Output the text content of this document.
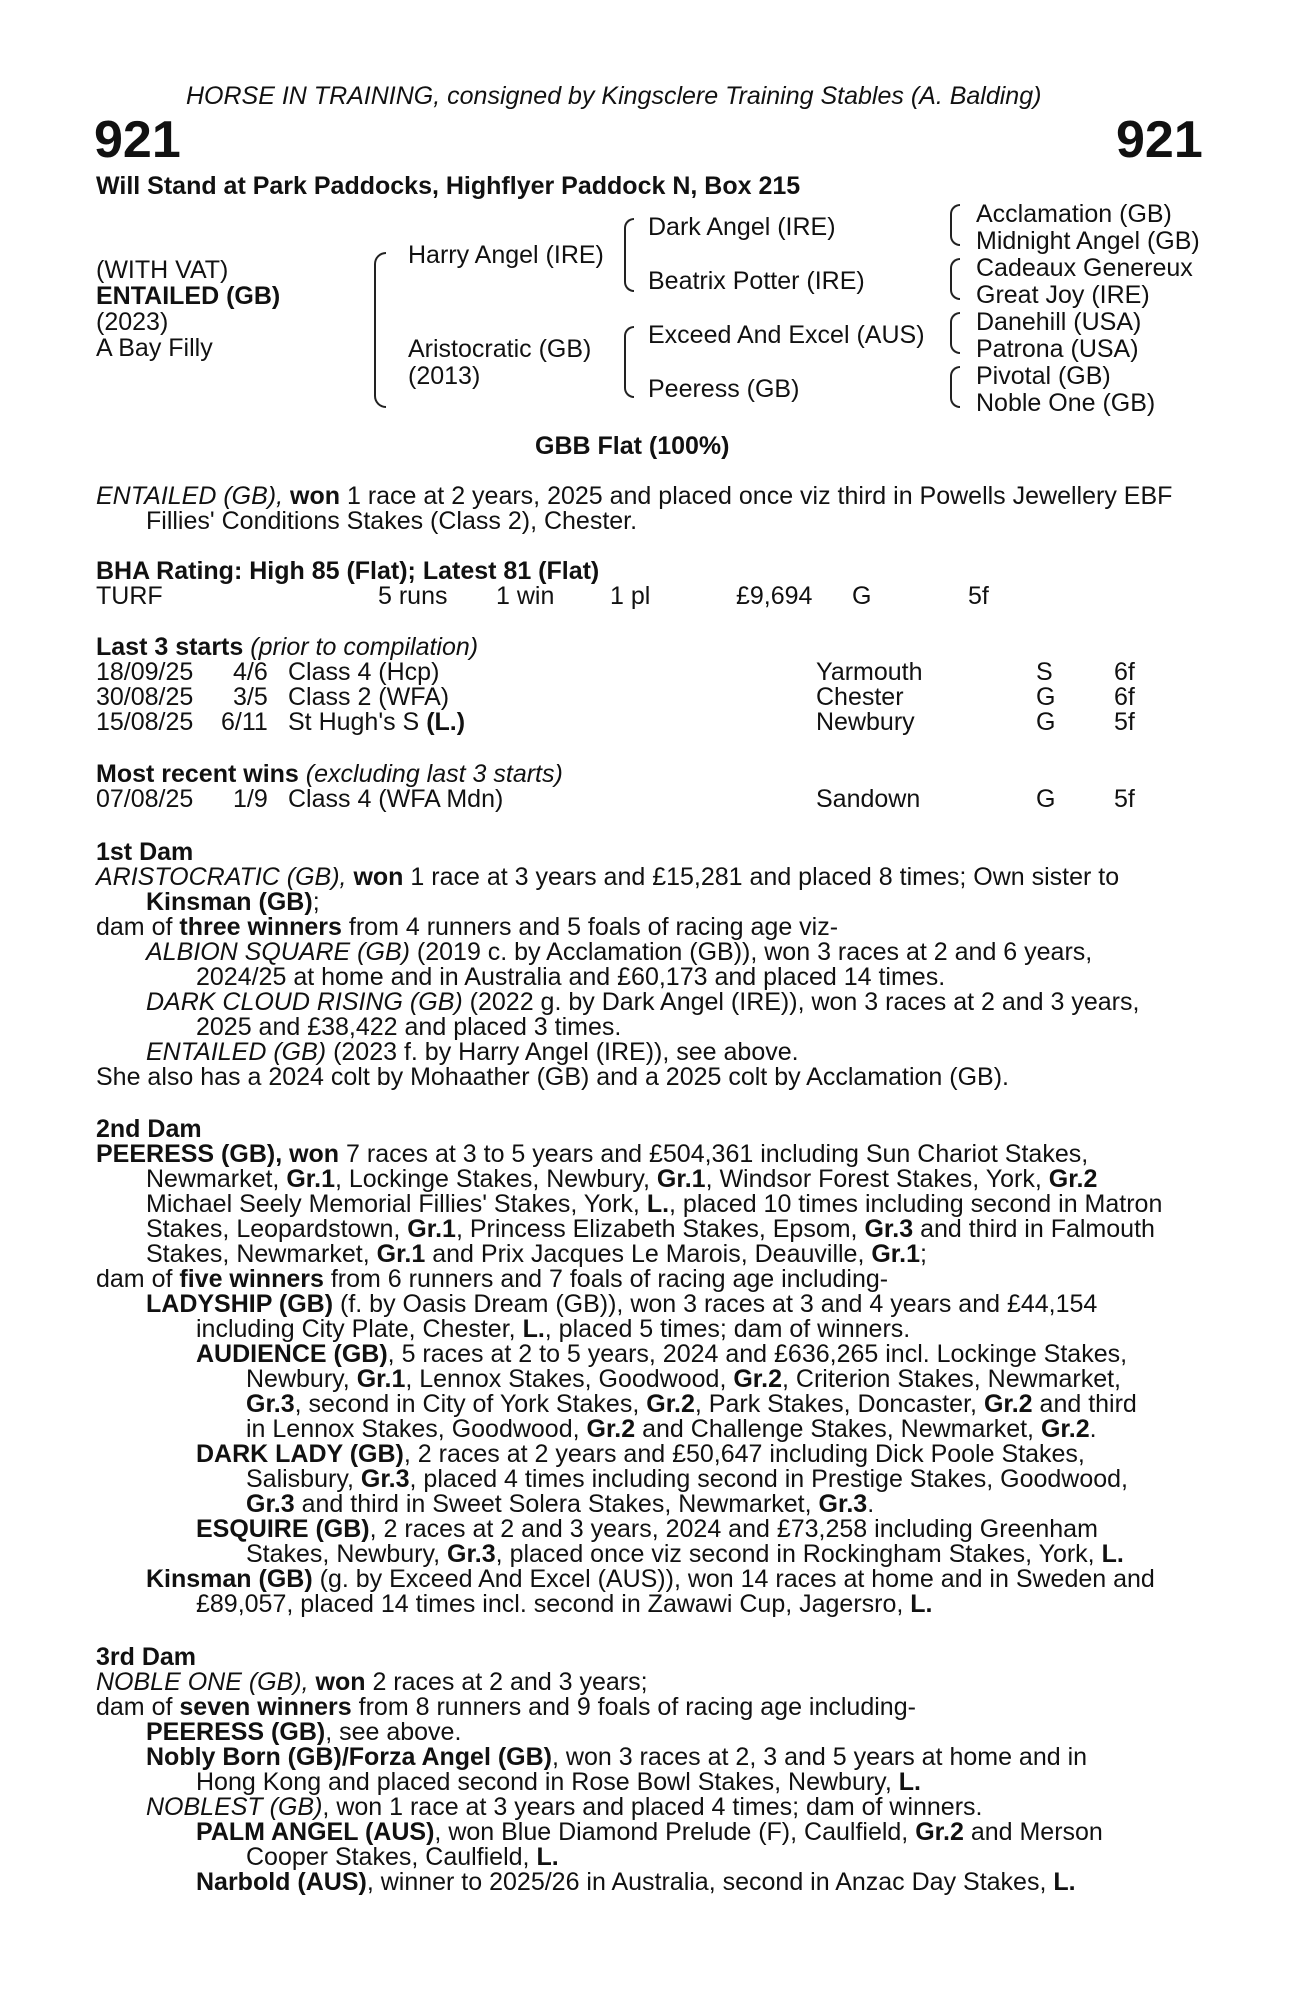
HORSE IN TRAINING, consigned by Kingsclere Training Stables (A. Balding)
921	921
Will Stand at Park Paddocks, Highflyer Paddock N, Box 215
(WITH VAT)
ENTAILED (GB)
(2023)
A Bay Filly
Harry Angel (IRE)
Aristocratic (GB)
(2013)
Dark Angel (IRE)
Beatrix Potter (IRE)
Exceed And Excel (AUS)
Peeress (GB)
Acclamation (GB)
Midnight Angel (GB)
Cadeaux Genereux
Great Joy (IRE)
Danehill (USA)
Patrona (USA)
Pivotal (GB)
Noble One (GB)
GBB Flat (100%)
ENTAILED (GB), won 1 race at 2 years, 2025 and placed once viz third in Powells Jewellery EBF
Fillies' Conditions Stakes (Class 2), Chester.
BHA Rating: High 85 (Flat); Latest 81 (Flat)
TURF	5 runs 1 win 1 pl	£9,694 G	5f
Last 3 starts (prior to compilation)
18/09/25 4/6 Class 4 (Hcp)	Yarmouth	S 6f
30/08/25 3/5 Class 2 (WFA)	Chester	G 6f
15/08/25 6/11 St Hugh's S (L.)	Newbury	G 5f
Most recent wins (excluding last 3 starts)
07/08/25 1/9 Class 4 (WFA Mdn)	Sandown	G 5f
1st Dam
ARISTOCRATIC (GB), won 1 race at 3 years and £15,281 and placed 8 times; Own sister to
Kinsman (GB);
dam of three winners from 4 runners and 5 foals of racing age viz-
ALBION SQUARE (GB) (2019 c. by Acclamation (GB)), won 3 races at 2 and 6 years,
2024/25 at home and in Australia and £60,173 and placed 14 times.
DARK CLOUD RISING (GB) (2022 g. by Dark Angel (IRE)), won 3 races at 2 and 3 years,
2025 and £38,422 and placed 3 times.
ENTAILED (GB) (2023 f. by Harry Angel (IRE)), see above.
She also has a 2024 colt by Mohaather (GB) and a 2025 colt by Acclamation (GB).
2nd Dam
PEERESS (GB), won 7 races at 3 to 5 years and £504,361 including Sun Chariot Stakes,
Newmarket, Gr.1, Lockinge Stakes, Newbury, Gr.1, Windsor Forest Stakes, York, Gr.2
Michael Seely Memorial Fillies' Stakes, York, L., placed 10 times including second in Matron
Stakes, Leopardstown, Gr.1, Princess Elizabeth Stakes, Epsom, Gr.3 and third in Falmouth
Stakes, Newmarket, Gr.1 and Prix Jacques Le Marois, Deauville, Gr.1;
dam of five winners from 6 runners and 7 foals of racing age including-
LADYSHIP (GB) (f. by Oasis Dream (GB)), won 3 races at 3 and 4 years and £44,154
including City Plate, Chester, L., placed 5 times; dam of winners.
AUDIENCE (GB), 5 races at 2 to 5 years, 2024 and £636,265 incl. Lockinge Stakes,
Newbury, Gr.1, Lennox Stakes, Goodwood, Gr.2, Criterion Stakes, Newmarket,
Gr.3, second in City of York Stakes, Gr.2, Park Stakes, Doncaster, Gr.2 and third
in Lennox Stakes, Goodwood, Gr.2 and Challenge Stakes, Newmarket, Gr.2.
DARK LADY (GB), 2 races at 2 years and £50,647 including Dick Poole Stakes,
Salisbury, Gr.3, placed 4 times including second in Prestige Stakes, Goodwood,
Gr.3 and third in Sweet Solera Stakes, Newmarket, Gr.3.
ESQUIRE (GB), 2 races at 2 and 3 years, 2024 and £73,258 including Greenham
Stakes, Newbury, Gr.3, placed once viz second in Rockingham Stakes, York, L.
Kinsman (GB) (g. by Exceed And Excel (AUS)), won 14 races at home and in Sweden and
£89,057, placed 14 times incl. second in Zawawi Cup, Jagersro, L.
3rd Dam
NOBLE ONE (GB), won 2 races at 2 and 3 years;
dam of seven winners from 8 runners and 9 foals of racing age including-
PEERESS (GB), see above.
Nobly Born (GB)/Forza Angel (GB), won 3 races at 2, 3 and 5 years at home and in
Hong Kong and placed second in Rose Bowl Stakes, Newbury, L.
NOBLEST (GB), won 1 race at 3 years and placed 4 times; dam of winners.
PALM ANGEL (AUS), won Blue Diamond Prelude (F), Caulfield, Gr.2 and Merson
Cooper Stakes, Caulfield, L.
Narbold (AUS), winner to 2025/26 in Australia, second in Anzac Day Stakes, L.
